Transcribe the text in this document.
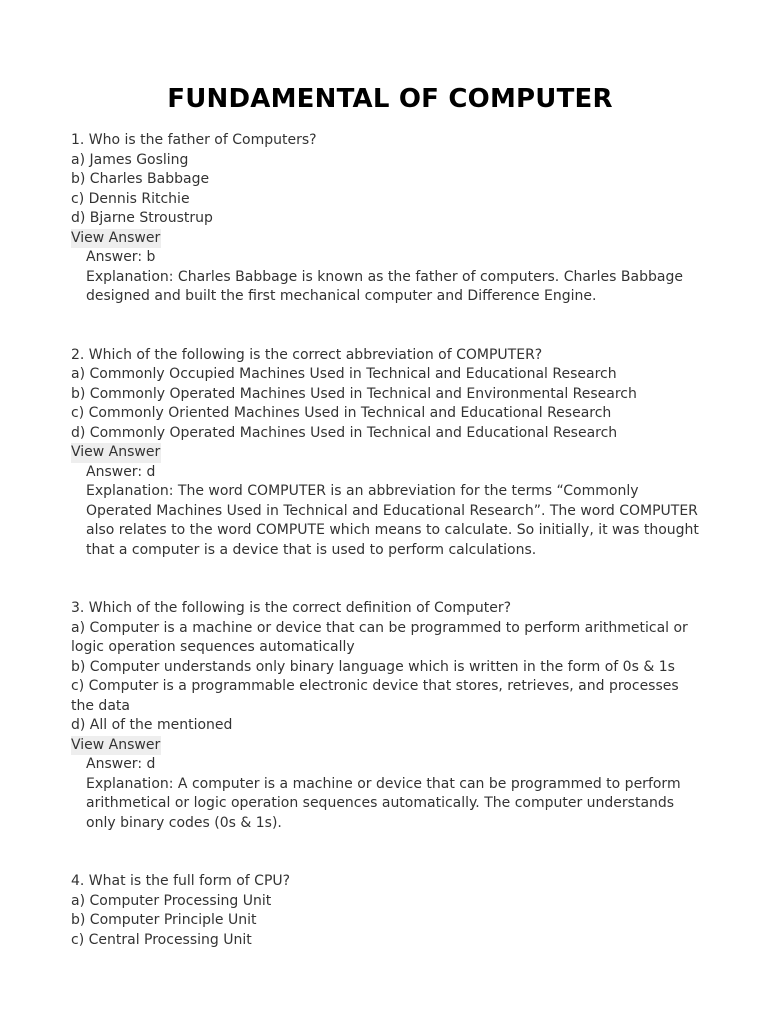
FUNDAMENTAL OF COMPUTER
1. Who is the father of Computers?
a) James Gosling
b) Charles Babbage
c) Dennis Ritchie
d) Bjarne Stroustrup
View Answer
Answer: b
Explanation: Charles Babbage is known as the father of computers. Charles Babbage designed and built the first mechanical computer and Difference Engine.
2. Which of the following is the correct abbreviation of COMPUTER?
a) Commonly Occupied Machines Used in Technical and Educational Research
b) Commonly Operated Machines Used in Technical and Environmental Research
c) Commonly Oriented Machines Used in Technical and Educational Research
d) Commonly Operated Machines Used in Technical and Educational Research
View Answer
Answer: d
Explanation: The word COMPUTER is an abbreviation for the terms “Commonly Operated Machines Used in Technical and Educational Research”. The word COMPUTER also relates to the word COMPUTE which means to calculate. So initially, it was thought that a computer is a device that is used to perform calculations.
3. Which of the following is the correct definition of Computer?
a) Computer is a machine or device that can be programmed to perform arithmetical or logic operation sequences automatically
b) Computer understands only binary language which is written in the form of 0s & 1s
c) Computer is a programmable electronic device that stores, retrieves, and processes the data
d) All of the mentioned
View Answer
Answer: d
Explanation: A computer is a machine or device that can be programmed to perform arithmetical or logic operation sequences automatically. The computer understands only binary codes (0s & 1s).
4. What is the full form of CPU?
a) Computer Processing Unit
b) Computer Principle Unit
c) Central Processing Unit
